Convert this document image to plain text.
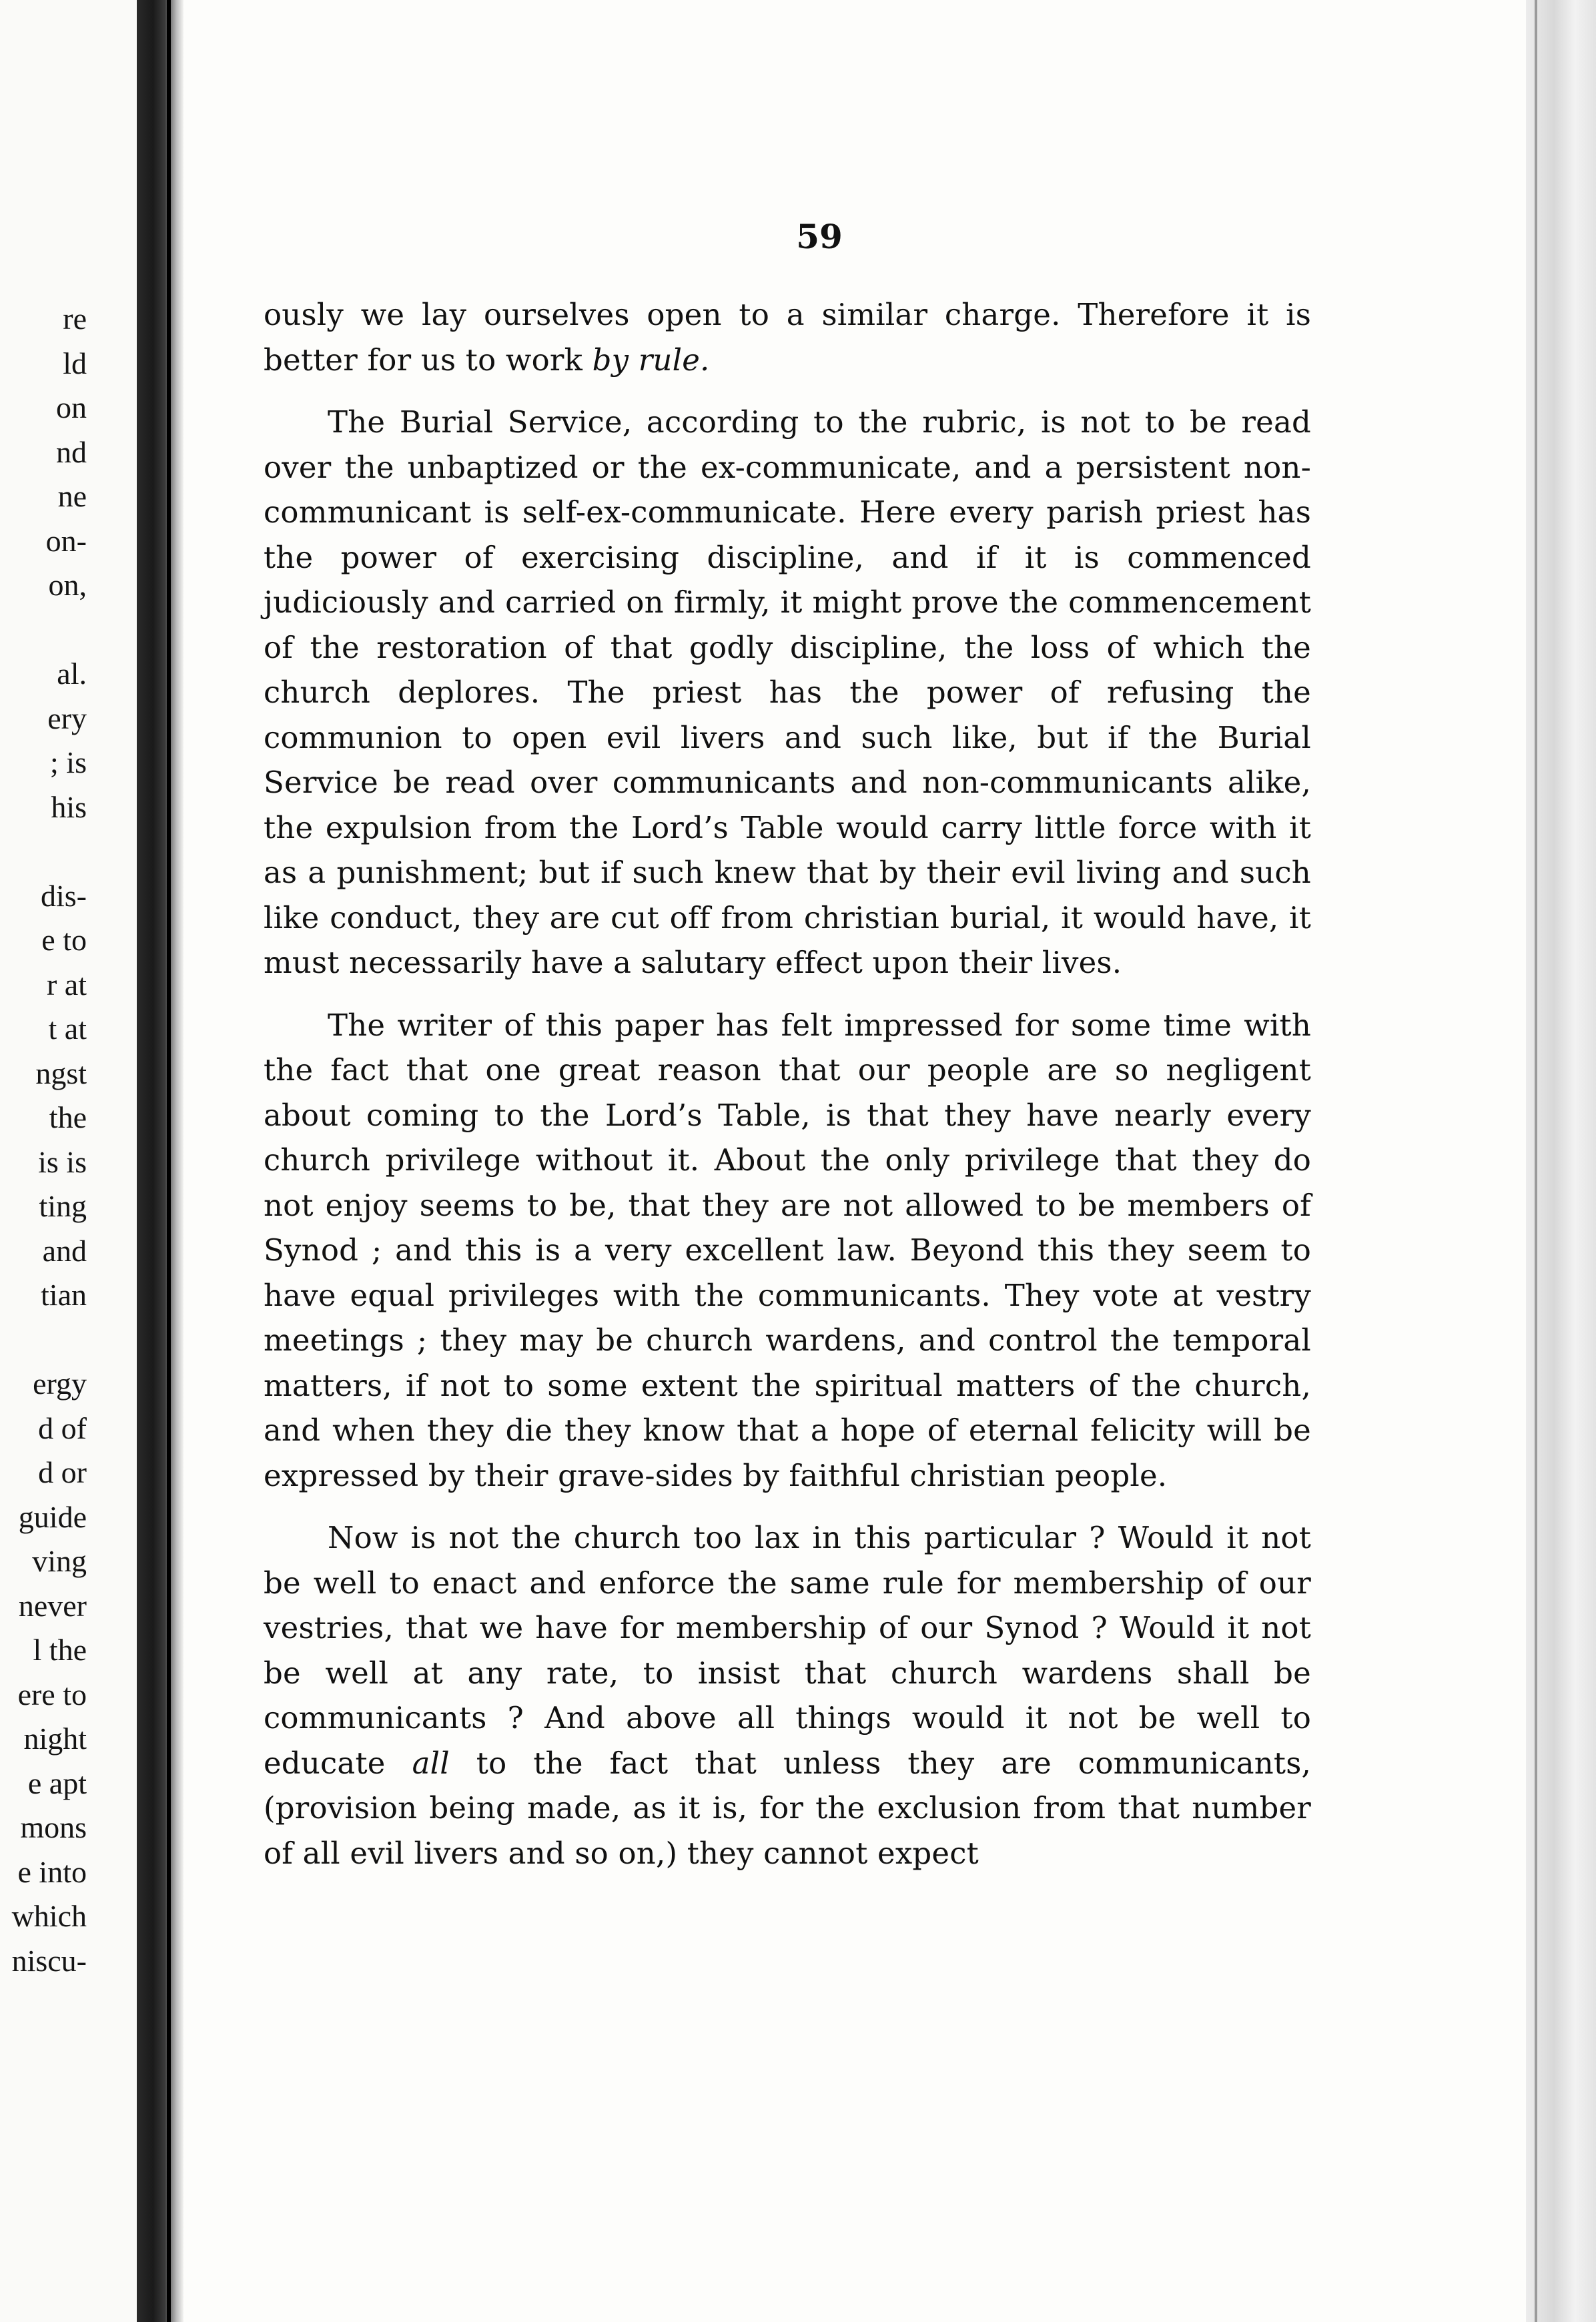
re
ld
on
nd
ne
on-
on,
al.
ery
; is
his
dis-
e to
r at
t at
ngst
the
is is
ting
and
tian
ergy
d of
d or
guide
ving
never
l the
ere to
night
e apt
mons
e into
which
niscu-
59

ously we lay ourselves open to a similar charge. Therefore it is better for us to work by rule.

The Burial Service, according to the rubric, is not to be read over the unbaptized or the ex-communicate, and a persistent non-communicant is self-ex-communicate. Here every parish priest has the power of exercising discipline, and if it is commenced judiciously and carried on firmly, it might prove the commencement of the restoration of that godly discipline, the loss of which the church deplores. The priest has the power of refusing the communion to open evil livers and such like, but if the Burial Service be read over communicants and non-communicants alike, the expulsion from the Lord’s Table would carry little force with it as a punishment; but if such knew that by their evil living and such like conduct, they are cut off from christian burial, it would have, it must necessarily have a salutary effect upon their lives.

The writer of this paper has felt impressed for some time with the fact that one great reason that our people are so negligent about coming to the Lord’s Table, is that they have nearly every church privilege without it. About the only privilege that they do not enjoy seems to be, that they are not allowed to be members of Synod ; and this is a very excellent law. Beyond this they seem to have equal privileges with the communicants. They vote at vestry meetings ; they may be church wardens, and control the temporal matters, if not to some extent the spiritual matters of the church, and when they die they know that a hope of eternal felicity will be expressed by their grave-sides by faithful christian people.

Now is not the church too lax in this particular ? Would it not be well to enact and enforce the same rule for membership of our vestries, that we have for membership of our Synod ? Would it not be well at any rate, to insist that church wardens shall be communicants ? And above all things would it not be well to educate all to the fact that unless they are communicants, (provision being made, as it is, for the exclusion from that number of all evil livers and so on,) they cannot expect
